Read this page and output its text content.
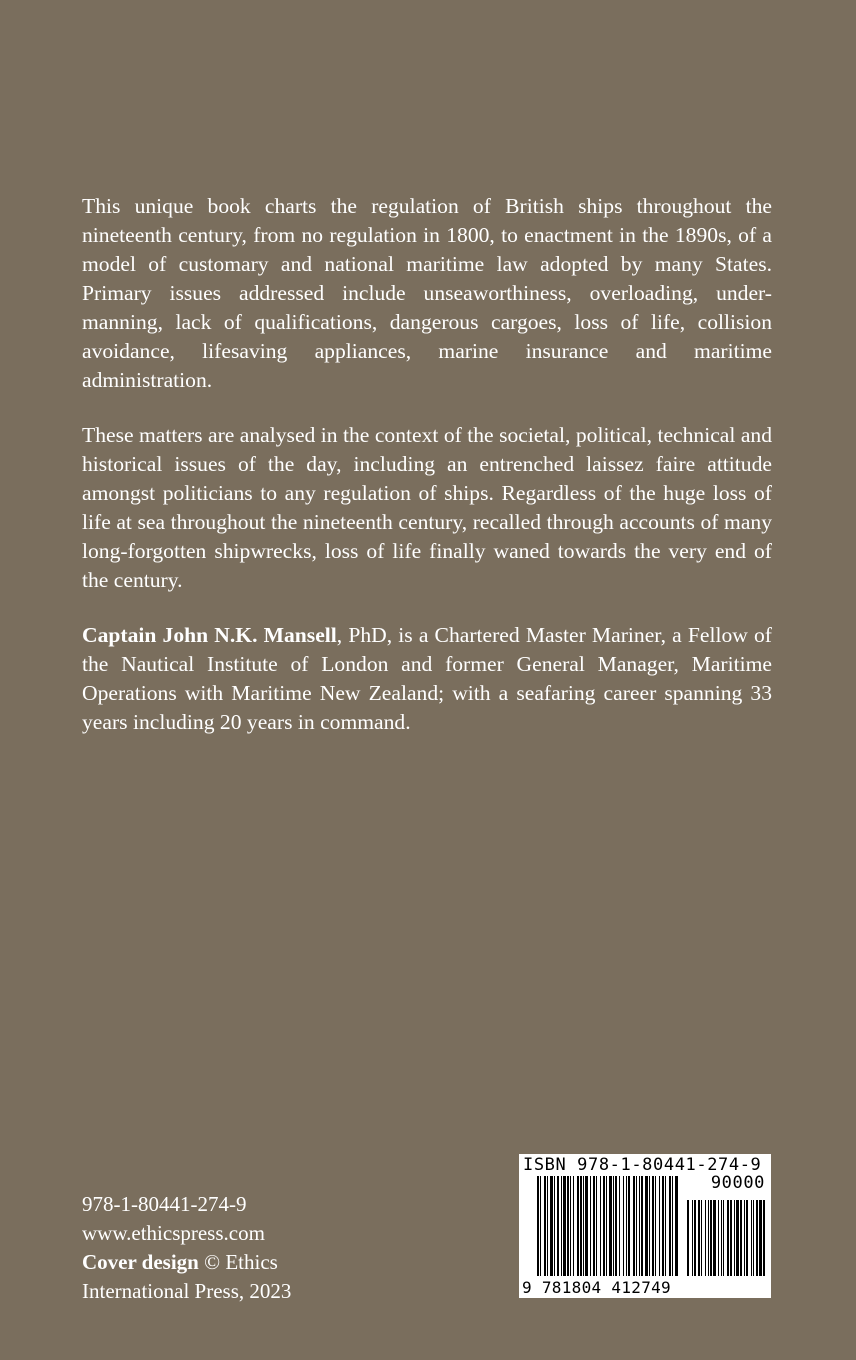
This unique book charts the regulation of British ships throughout the nineteenth century, from no regulation in 1800, to enactment in the 1890s, of a model of customary and national maritime law adopted by many States. Primary issues addressed include unseaworthiness, overloading, under-manning, lack of qualifications, dangerous cargoes, loss of life, collision avoidance, lifesaving appliances, marine insurance and maritime administration.

These matters are analysed in the context of the societal, political, technical and historical issues of the day, including an entrenched laissez faire attitude amongst politicians to any regulation of ships. Regardless of the huge loss of life at sea throughout the nineteenth century, recalled through accounts of many long-forgotten shipwrecks, loss of life finally waned towards the very end of the century.

Captain John N.K. Mansell, PhD, is a Chartered Master Mariner, a Fellow of the Nautical Institute of London and former General Manager, Maritime Operations with Maritime New Zealand; with a seafaring career spanning 33 years including 20 years in command.

978-1-80441-274-9
www.ethicspress.com
Cover design © Ethics
International Press, 2023
ISBN 978-1-80441-274-9
90000
9 781804 412749
